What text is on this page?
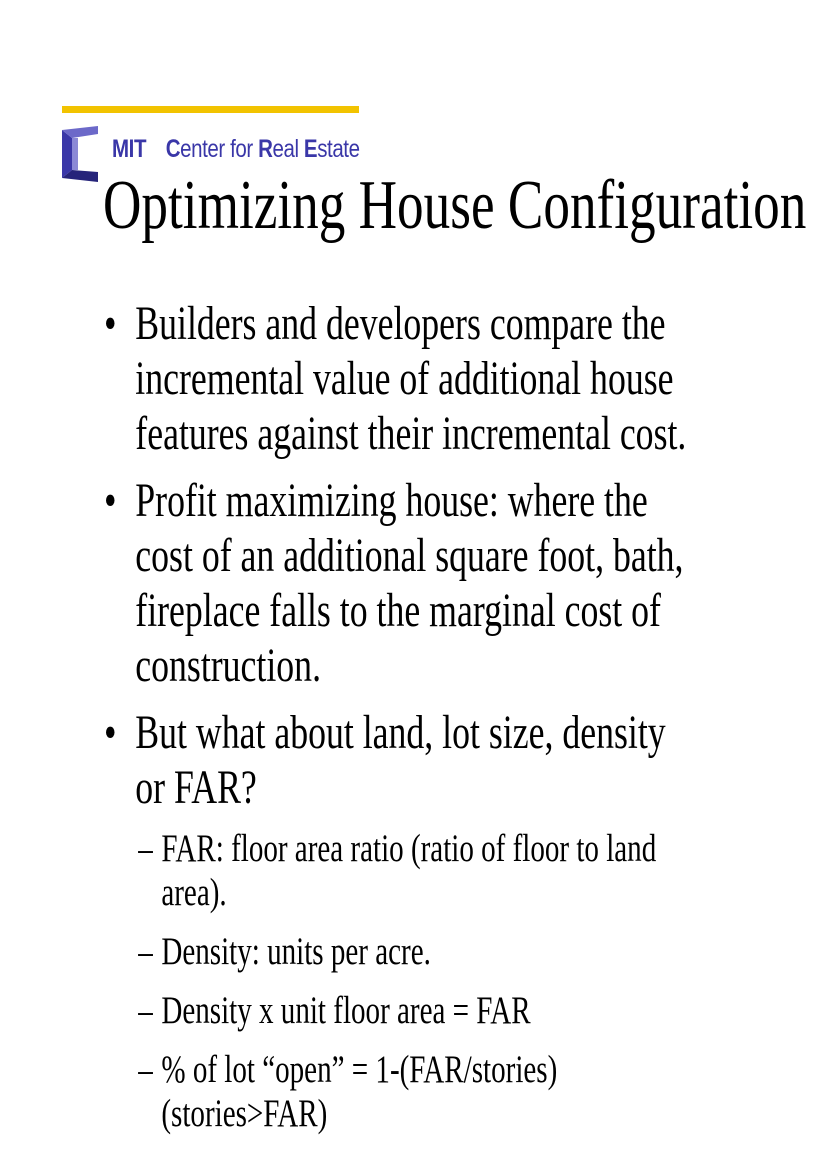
MIT Center for Real Estate
Optimizing House Configuration
• Builders and developers compare the incremental value of additional house features against their incremental cost.
• Profit maximizing house: where the cost of an additional square foot, bath, fireplace falls to the marginal cost of construction.
• But what about land, lot size, density or FAR?
– FAR: floor area ratio (ratio of floor to land area).
– Density: units per acre.
– Density x unit floor area = FAR
– % of lot “open” = 1-(FAR/stories) (stories>FAR)
